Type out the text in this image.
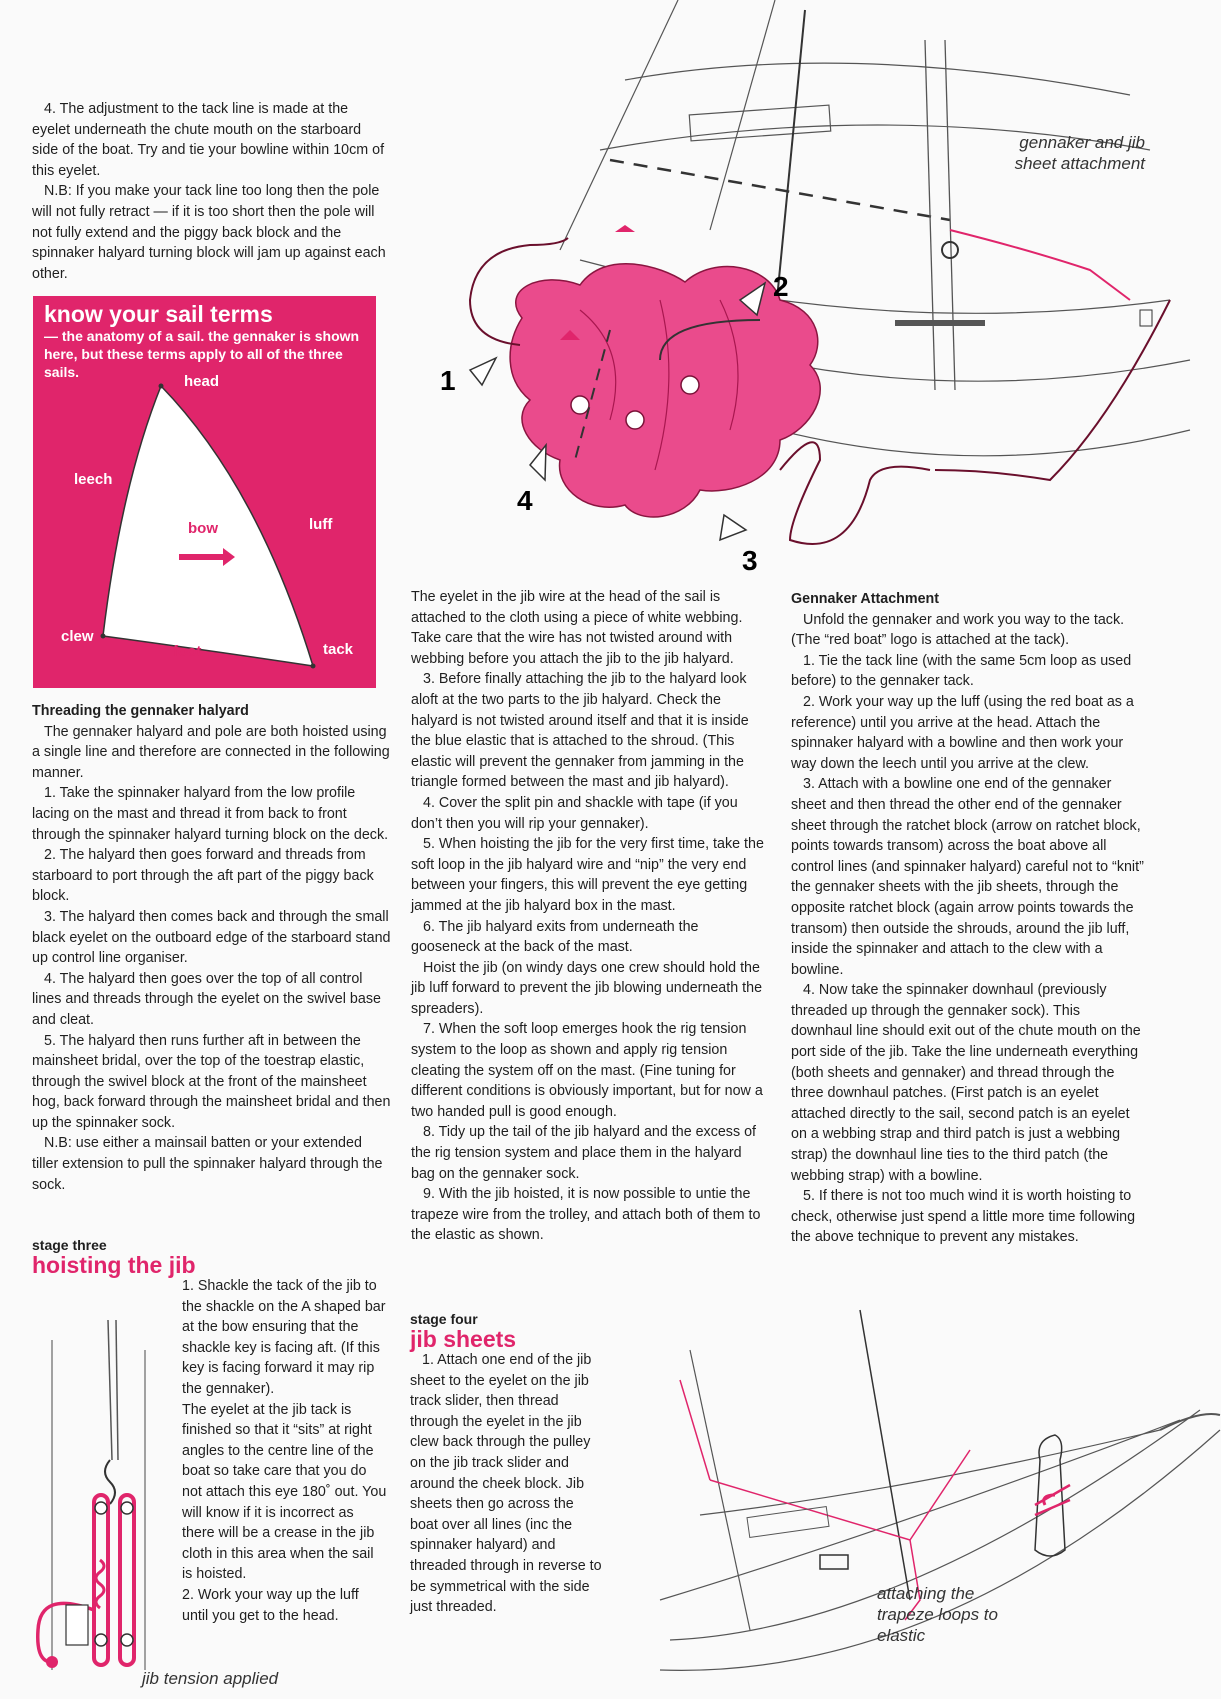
4. The adjustment to the tack line is made at the eyelet underneath the chute mouth on the starboard side of the boat. Try and tie your bowline within 10cm of this eyelet.

N.B: If you make your tack line too long then the pole will not fully retract — if it is too short then the pole will not fully extend and the piggy back block and the spinnaker halyard turning block will jam up against each other.

know your sail terms
— the anatomy of a sail. the gennaker is shown here, but these terms apply to all of the three sails.
head
leech
luff
bow
clew
foot	tack
Threading the gennaker halyard

The gennaker halyard and pole are both hoisted using a single line and therefore are connected in the following manner.

1. Take the spinnaker halyard from the low profile lacing on the mast and thread it from back to front through the spinnaker halyard turning block on the deck.

2. The halyard then goes forward and threads from starboard to port through the aft part of the piggy back block.

3. The halyard then comes back and through the small black eyelet on the outboard edge of the starboard stand up control line organiser.

4. The halyard then goes over the top of all control lines and threads through the eyelet on the swivel base and cleat.

5. The halyard then runs further aft in between the mainsheet bridal, over the top of the toestrap elastic, through the swivel block at the front of the mainsheet hog, back forward through the mainsheet bridal and then up the spinnaker sock.

N.B: use either a mainsail batten or your extended tiller extension to pull the spinnaker halyard through the sock.

stage three
hoisting the jib

1. Shackle the tack of the jib to the shackle on the A shaped bar at the bow ensuring that the shackle key is facing aft. (If this key is facing forward it may rip the gennaker).

The eyelet at the jib tack is finished so that it “sits” at right angles to the centre line of the boat so take care that you do not attach this eye 180˚ out. You will know if it is incorrect as there will be a crease in the jib cloth in this area when the sail is hoisted.

2. Work your way up the luff until you get to the head.

jib tension applied

The eyelet in the jib wire at the head of the sail is attached to the cloth using a piece of white webbing. Take care that the wire has not twisted around with webbing before you attach the jib to the jib halyard.

3. Before finally attaching the jib to the halyard look aloft at the two parts to the jib halyard. Check the halyard is not twisted around itself and that it is inside the blue elastic that is attached to the shroud. (This elastic will prevent the gennaker from jamming in the triangle formed between the mast and jib halyard).

4. Cover the split pin and shackle with tape (if you don’t then you will rip your gennaker).

5. When hoisting the jib for the very first time, take the soft loop in the jib halyard wire and “nip” the very end between your fingers, this will prevent the eye getting jammed at the jib halyard box in the mast.

6. The jib halyard exits from underneath the gooseneck at the back of the mast.

Hoist the jib (on windy days one crew should hold the jib luff forward to prevent the jib blowing underneath the spreaders).

7. When the soft loop emerges hook the rig tension system to the loop as shown and apply rig tension cleating the system off on the mast. (Fine tuning for different conditions is obviously important, but for now a two handed pull is good enough.

8. Tidy up the tail of the jib halyard and the excess of the rig tension system and place them in the halyard bag on the gennaker sock.

9. With the jib hoisted, it is now possible to untie the trapeze wire from the trolley, and attach both of them to the elastic as shown.

stage four
jib sheets

1. Attach one end of the jib sheet to the eyelet on the jib track slider, then thread through the eyelet in the jib clew back through the pulley on the jib track slider and around the cheek block. Jib sheets then go across the boat over all lines (inc the spinnaker halyard) and threaded through in reverse to be symmetrical with the side just threaded.

Gennaker Attachment

Unfold the gennaker and work you way to the tack. (The “red boat” logo is attached at the tack).

1. Tie the tack line (with the same 5cm loop as used before) to the gennaker tack.

2. Work your way up the luff (using the red boat as a reference) until you arrive at the head. Attach the spinnaker halyard with a bowline and then work your way down the leech until you arrive at the clew.

3. Attach with a bowline one end of the gennaker sheet and then thread the other end of the gennaker sheet through the ratchet block (arrow on ratchet block, points towards transom) across the boat above all control lines (and spinnaker halyard) careful not to “knit” the gennaker sheets with the jib sheets, through the opposite ratchet block (again arrow points towards the transom) then outside the shrouds, around the jib luff, inside the spinnaker and attach to the clew with a bowline.

4. Now take the spinnaker downhaul (previously threaded up through the gennaker sock). This downhaul line should exit out of the chute mouth on the port side of the jib. Take the line underneath everything (both sheets and gennaker) and thread through the three downhaul patches. (First patch is an eyelet attached directly to the sail, second patch is an eyelet on a webbing strap and third patch is just a webbing strap) the downhaul line ties to the third patch (the webbing strap) with a bowline.

5. If there is not too much wind it is worth hoisting to check, otherwise just spend a little more time following the above technique to prevent any mistakes.

1
2
3
4
gennaker and jib sheet attachment
attaching the trapeze loops to elastic
